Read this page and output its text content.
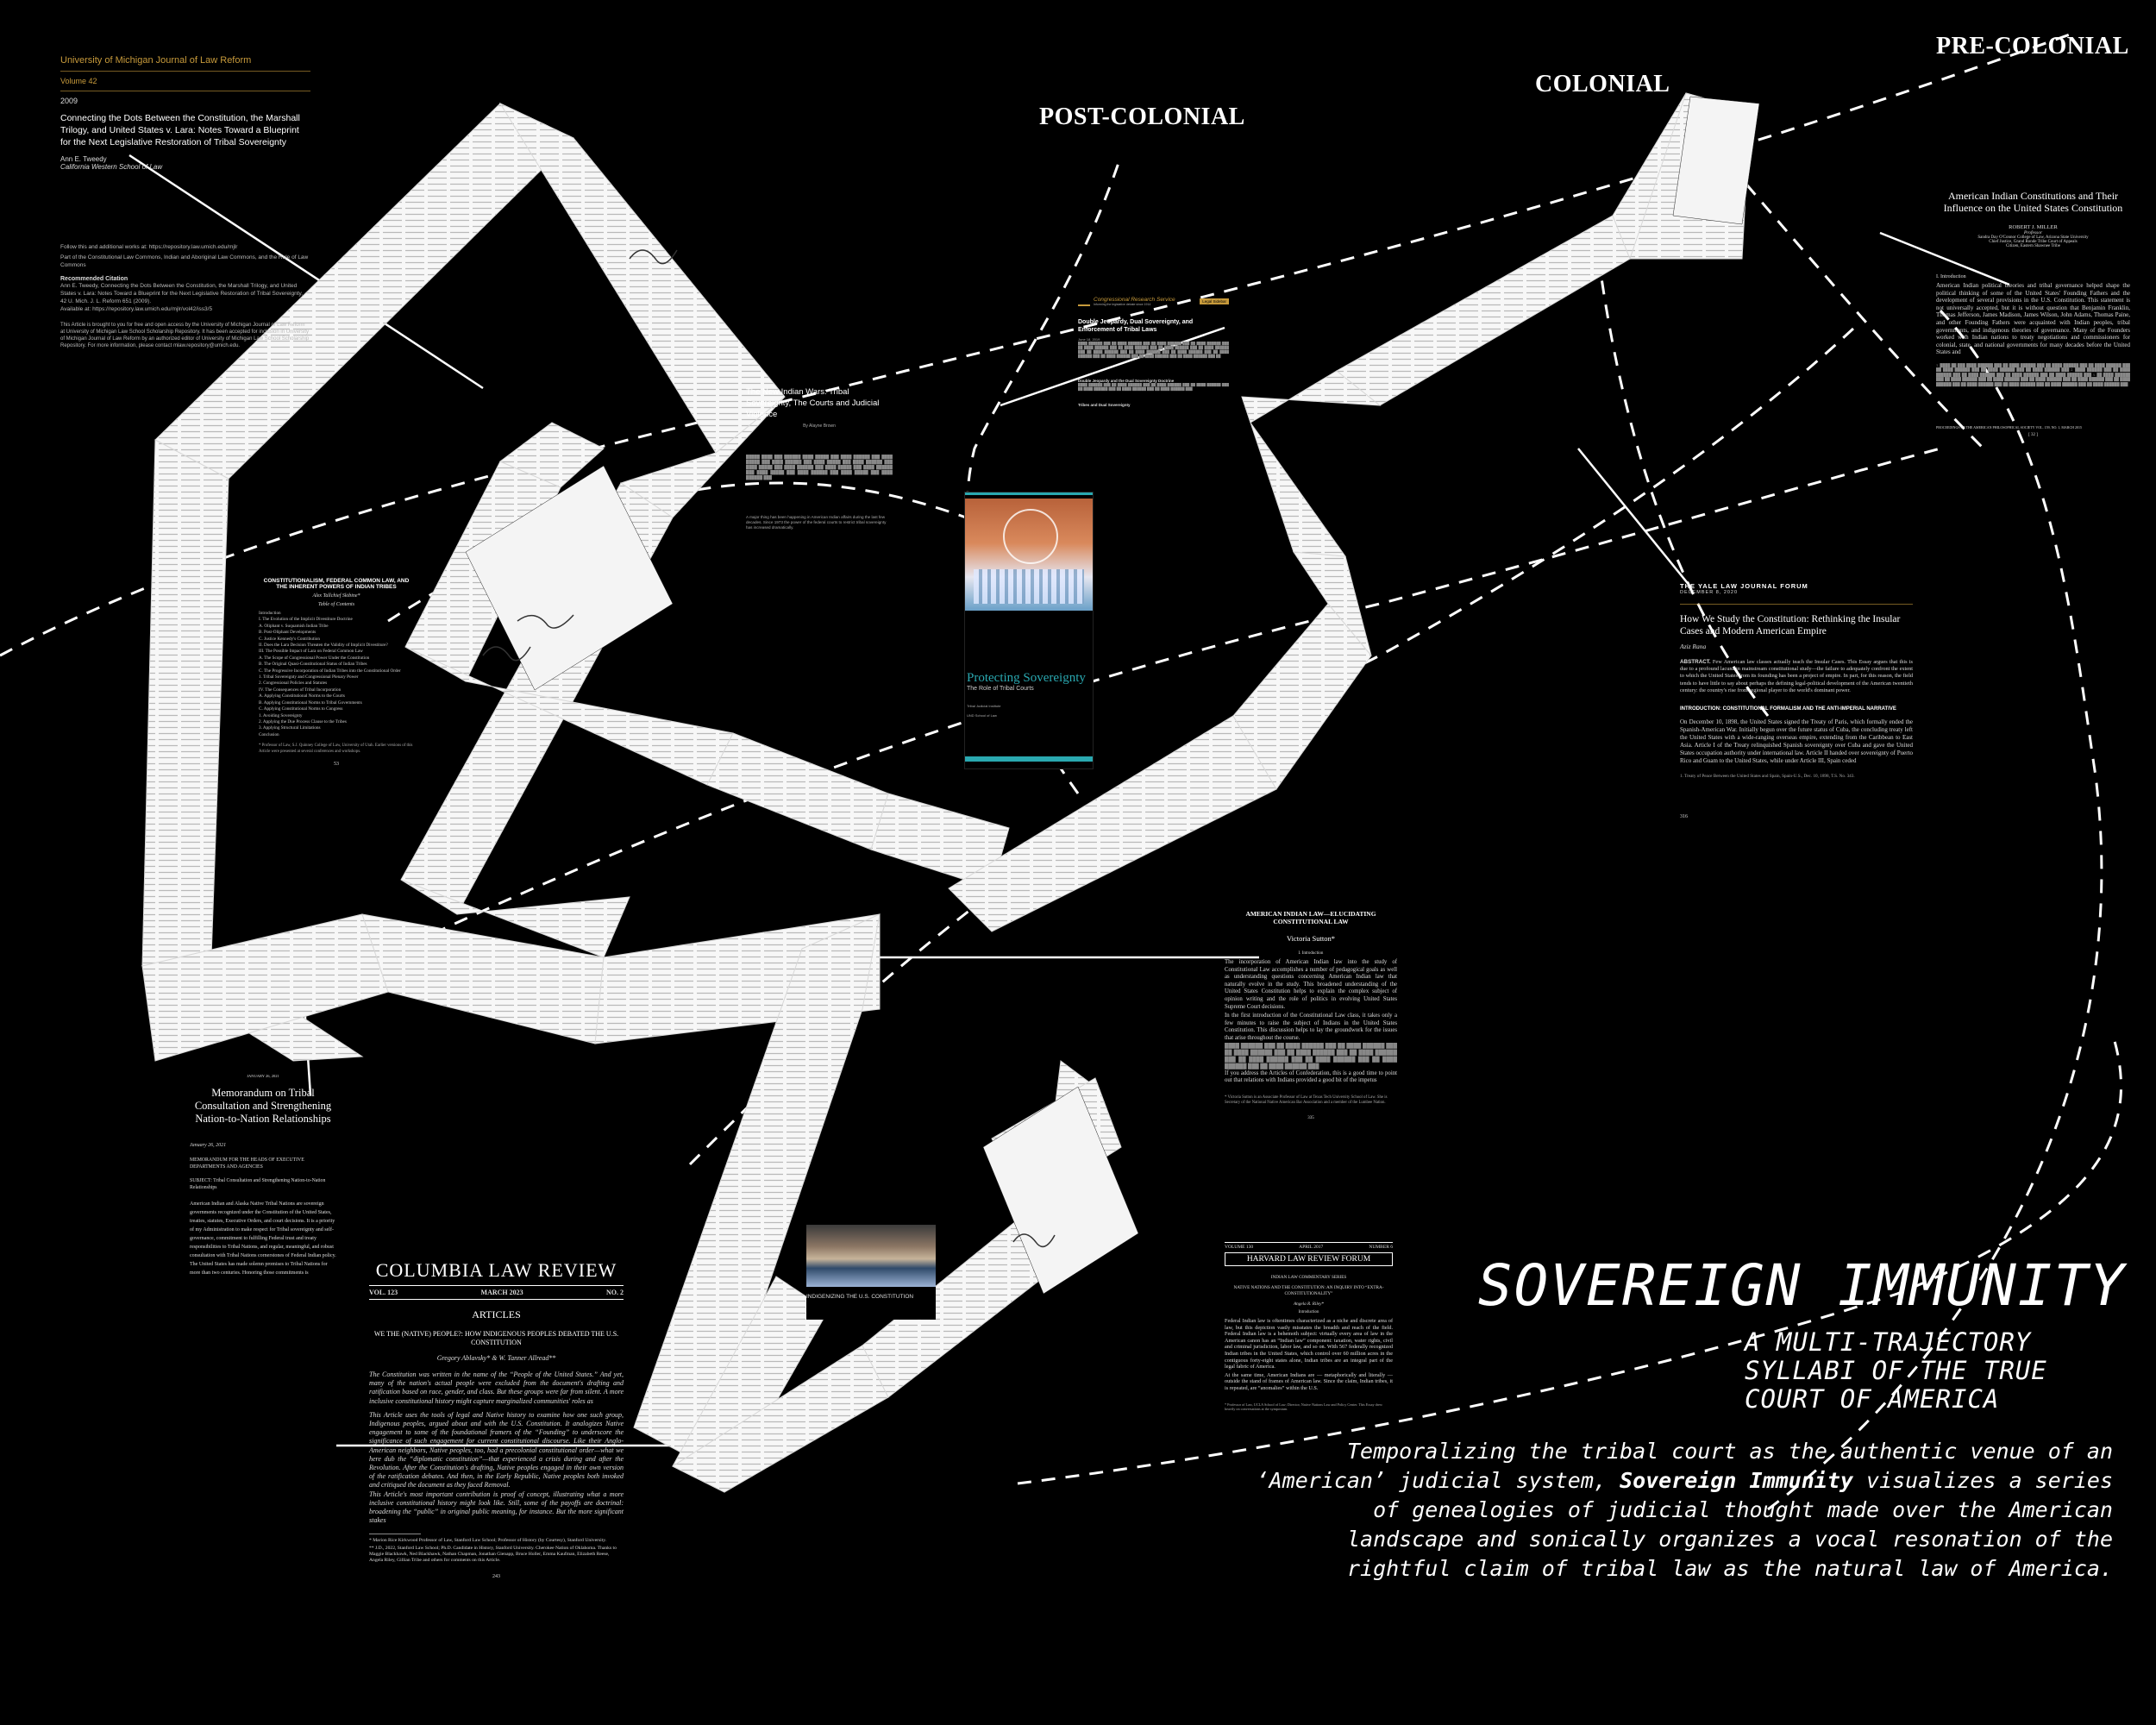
POST-COLONIAL
COLONIAL
PRE-COLONIAL
University of Michigan Journal of Law Reform
Volume 42
2009
Connecting the Dots Between the Constitution, the Marshall Trilogy, and United States v. Lara: Notes Toward a Blueprint for the Next Legislative Restoration of Tribal Sovereignty
Ann E. Tweedy
California Western School of Law
Follow this and additional works at: https://repository.law.umich.edu/mjlr
Part of the Constitutional Law Commons, Indian and Aboriginal Law Commons, and the Rule of Law Commons
Recommended Citation
Ann E. Tweedy, Connecting the Dots Between the Constitution, the Marshall Trilogy, and United States v. Lara: Notes Toward a Blueprint for the Next Legislative Restoration of Tribal Sovereignty, 42 U. Mich. J. L. Reform 651 (2009).
Available at: https://repository.law.umich.edu/mjlr/vol42/iss3/5
This Article is brought to you for free and open access by the University of Michigan Journal of Law Reform at University of Michigan Law School Scholarship Repository. It has been accepted for inclusion in University of Michigan Journal of Law Reform by an authorized editor of University of Michigan Law School Scholarship Repository. For more information, please contact mlaw.repository@umich.edu.
CONSTITUTIONALISM, FEDERAL COMMON LAW, AND THE INHERENT POWERS OF INDIAN TRIBES
Alex Tallchief Skibine*
Table of Contents
Introduction
I. The Evolution of the Implicit Divestiture Doctrine
A. Oliphant v. Suquamish Indian Tribe
B. Post-Oliphant Developments
C. Justice Kennedy's Contribution
II. Does the Lara Decision Threaten the Validity of Implicit Divestiture?
III. The Possible Impact of Lara on Federal Common Law
A. The Scope of Congressional Power Under the Constitution
B. The Original Quasi-Constitutional Status of Indian Tribes
C. The Progressive Incorporation of Indian Tribes into the Constitutional Order
1. Tribal Sovereignty and Congressional Plenary Power
2. Congressional Policies and Statutes
IV. The Consequences of Tribal Incorporation
A. Applying Constitutional Norms to the Courts
B. Applying Constitutional Norms to Tribal Governments
C. Applying Constitutional Norms to Congress
1. Avoiding Sovereignty
2. Applying the Due Process Clause to the Tribes
3. Applying Structural Limitations
Conclusion
* Professor of Law, S.J. Quinney College of Law, University of Utah. Earlier versions of this Article were presented at several conferences and workshops.
53
The New Indian Wars: Tribal Sovereignty, The Courts and Judicial Violence
By Alayne Brown
█████ ████ ███ ██████ ████ █████ ███ ████ ██████ ███ ████ █████ ███ ████ ██████ ███ ████ █████ ███ ████ ██████ ███ ████ █████ ███ ████ ██████ ███ ████ █████ ███ ████ ██████ ███ ████ █████ ███ ████ ██████ ███ ████ █████ ███ ████ ██████ ███
A major thing has been happening in American Indian affairs during the last few decades. Since 1973 the power of the federal courts to restrict tribal sovereignty has increased dramatically.
Congressional Research Service
Informing the legislative debate since 1914
Legal Sidebar
Double Jeopardy, Dual Sovereignty, and Enforcement of Tribal Laws
June 18, 2019
████ ██████ ███ ██ ████ ██████ ███ ██ ████ ██████ ███ ██ ████ ██████ ███ ██ ████ ██████ ███ ██ ████ ██████ ███ ██ ████ ██████ ███ ██ ████ ██████ ███ ██ ████ ██████ ███ ██ ████ ██████ ███ ██ ████ ██████ ███ ██ ████ ██████ ███ ██ ████ ██████ ███ ██ ████ ██████ ███ ██ ████ ██████ ███ ██
Double Jeopardy and the Dual Sovereignty Doctrine
████ ██████ ███ ██ ████ ██████ ███ ██ ████ ██████ ███ ██ ████ ██████ ███ ██ ████ ██████ ███ ██ ████ ██████ ███ ██ ████ ██████ ███
Tribes and Dual Sovereignty
Protecting Sovereignty
The Role of Tribal Courts
Tribal Judicial Institute
UND School of Law
American Indian Constitutions and Their Influence on the United States Constitution
ROBERT J. MILLER
Professor
Sandra Day O'Connor College of Law, Arizona State University
Chief Justice, Grand Ronde Tribe Court of Appeals
Citizen, Eastern Shawnee Tribe
I. Introduction
American Indian political theories and tribal governance helped shape the political thinking of some of the United States' Founding Fathers and the development of several provisions in the U.S. Constitution. This statement is not universally accepted, but it is without question that Benjamin Franklin, Thomas Jefferson, James Madison, James Wilson, John Adams, Thomas Paine, and other Founding Fathers were acquainted with Indian peoples, tribal governments, and indigenous theories of governance. Many of the Founders worked with Indian nations to treaty negotiations and commissioners for colonial, state, and national governments for many decades before the United States and
1. ████ ██ ███ ████ ██████ ███ ██ ████ ██████ ███ ██ ████ ██████ ███ ██ ████ ██████ ███ ██ ████ ██████ ███ ██ ████ ██████ ███ ██ ████ ██████ ███ 2. ████ ██████ ███ ██ ████ ██████ ███ ██ ████ ██████ ███ ██ ████ ██████ ███ ██ ████ ██████ ███ 3. ██ ████ ██████ ███ ██ ████ ██████ ███ ██ ████ ██████ ███ ██ ████ ██████ ███ ██ ████ ██████ ███ ██ ████ ██████ ███ ██ ████ ██████ ███ ██ ████ ██████ ███ ██ ████ ██████ ███ ██ ████ ██████ ███
PROCEEDINGS OF THE AMERICAN PHILOSOPHICAL SOCIETY VOL. 159, NO. 1, MARCH 2015
[ 32 ]
THE YALE LAW JOURNAL FORUM
DECEMBER 8, 2020
How We Study the Constitution: Rethinking the Insular Cases and Modern American Empire
Aziz Rana
ABSTRACT. Few American law classes actually teach the Insular Cases. This Essay argues that this is due to a profound lacuna in mainstream constitutional study—the failure to adequately confront the extent to which the United States from its founding has been a project of empire. In part, for this reason, the field tends to have little to say about perhaps the defining legal-political development of the American twentieth century: the country's rise from regional player to the world's dominant power.
INTRODUCTION: CONSTITUTIONAL FORMALISM AND THE ANTI-IMPERIAL NARRATIVE
On December 10, 1898, the United States signed the Treaty of Paris, which formally ended the Spanish-American War. Initially begun over the future status of Cuba, the concluding treaty left the United States with a wide-ranging overseas empire, extending from the Caribbean to East Asia. Article I of the Treaty relinquished Spanish sovereignty over Cuba and gave the United States occupation authority under international law. Article II handed over sovereignty of Puerto Rico and Guam to the United States, while under Article III, Spain ceded
1. Treaty of Peace Between the United States and Spain, Spain-U.S., Dec. 10, 1898, T.S. No. 343.
316
AMERICAN INDIAN LAW—ELUCIDATING CONSTITUTIONAL LAW
Victoria Sutton*
I. Introduction
The incorporation of American Indian law into the study of Constitutional Law accomplishes a number of pedagogical goals as well as understanding questions concerning American Indian law that naturally evolve in the study. This broadened understanding of the United States Constitution helps to explain the complex subject of opinion writing and the role of politics in evolving United States Supreme Court decisions.
In the first introduction of the Constitutional Law class, it takes only a few minutes to raise the subject of Indians in the United States Constitution. This discussion helps to lay the groundwork for the issues that arise throughout the course.
████ ██████ ███ ██ ████ ██████ ███ ██ ████ ██████ ███ ██ ████ ██████ ███ ██ ████ ██████ ███ ██ ████ ██████ ███ ██ ████ ██████ ███ ██ ████ ██████ ███ ██ ████ ██████ ███ ██ ████ ██████ ███
If you address the Articles of Confederation, this is a good time to point out that relations with Indians provided a good bit of the impetus
* Victoria Sutton is an Associate Professor of Law at Texas Tech University School of Law. She is Secretary of the National Native American Bar Association and a member of the Lumbee Nation.
335
JANUARY 26, 2021
Memorandum on Tribal Consultation and Strengthening Nation-to-Nation Relationships
January 26, 2021
MEMORANDUM FOR THE HEADS OF EXECUTIVE DEPARTMENTS AND AGENCIES
SUBJECT: Tribal Consultation and Strengthening Nation-to-Nation Relationships
American Indian and Alaska Native Tribal Nations are sovereign governments recognized under the Constitution of the United States, treaties, statutes, Executive Orders, and court decisions. It is a priority of my Administration to make respect for Tribal sovereignty and self-governance, commitment to fulfilling Federal trust and treaty responsibilities to Tribal Nations, and regular, meaningful, and robust consultation with Tribal Nations cornerstones of Federal Indian policy. The United States has made solemn promises to Tribal Nations for more than two centuries. Honoring those commitments is	COLUMBIA LAW REVIEW
VOL. 123	MARCH 2023	NO. 2
ARTICLES
WE THE (NATIVE) PEOPLE?: HOW INDIGENOUS PEOPLES DEBATED THE U.S. CONSTITUTION
Gregory Ablavsky* & W. Tanner Allread**
The Constitution was written in the name of the “People of the United States.” And yet, many of the nation's actual people were excluded from the document's drafting and ratification based on race, gender, and class. But these groups were far from silent. A more inclusive constitutional history might capture marginalized communities' roles as
This Article uses the tools of legal and Native history to examine how one such group, Indigenous peoples, argued about and with the U.S. Constitution. It analogizes Native engagement to some of the foundational framers of the “Founding” to underscore the significance of such engagement for current constitutional discourse. Like their Anglo-American neighbors, Native peoples, too, had a precolonial constitutional order—what we here dub the “diplomatic constitution”—that experienced a crisis during and after the Revolution. After the Constitution's drafting, Native peoples engaged in their own version of the ratification debates. And then, in the Early Republic, Native peoples both invoked and critiqued the document as they faced Removal.
This Article's most important contribution is proof of concept, illustrating what a more inclusive constitutional history might look like. Still, some of the payoffs are doctrinal: broadening the “public” in original public meaning, for instance. But the more significant stakes
* Marion Rice Kirkwood Professor of Law, Stanford Law School; Professor of History (by Courtesy), Stanford University.
** J.D., 2022, Stanford Law School; Ph.D. Candidate in History, Stanford University. Cherokee Nation of Oklahoma. Thanks to Maggie Blackhawk, Ned Blackhawk, Nathan Chapman, Jonathan Gienapp, Bruce Holler, Emma Kaufman, Elizabeth Reese, Angela Riley, Gillian Tribe and others for comments on this Article.
243
INDIGENIZING THE U.S. CONSTITUTION
VOLUME 130	APRIL 2017	NUMBER 6
HARVARD LAW REVIEW FORUM
INDIAN LAW COMMENTARY SERIES
NATIVE NATIONS AND THE CONSTITUTION: AN INQUIRY INTO “EXTRA-CONSTITUTIONALITY”
Angela R. Riley*
Introduction
Federal Indian law is oftentimes characterized as a niche and discrete area of law, but this depiction vastly misstates the breadth and reach of the field. Federal Indian law is a behemoth subject: virtually every area of law in the American canon has an “Indian law” component: taxation, water rights, civil and criminal jurisdiction, labor law, and so on. With 567 federally recognized Indian tribes in the United States, which control over 60 million acres in the contiguous forty-eight states alone, Indian tribes are an integral part of the legal fabric of America.
At the same time, American Indians are — metaphorically and literally — outside the stand of frames of American law. Since the claim, Indian tribes, it is repeated, are “anomalies” within the U.S.
* Professor of Law, UCLA School of Law; Director, Native Nations Law and Policy Center. This Essay drew heavily on conversations at the symposium.
SOVEREIGN IMMUNITY
A MULTI-TRAJECTORY SYLLABI OF THE TRUE COURT OF AMERICA
Temporalizing the tribal court as the authentic venue of an ‘American’ judicial system, Sovereign Immunity visualizes a series of genealogies of judicial thought made over the American landscape and sonically organizes a vocal resonation of the rightful claim of tribal law as the natural law of America.
